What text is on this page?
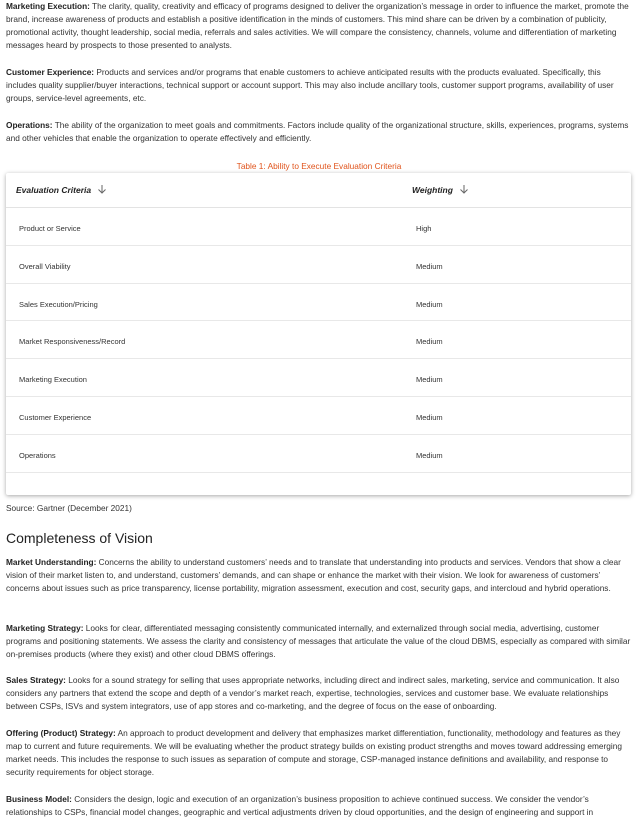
Marketing Execution: The clarity, quality, creativity and efficacy of programs designed to deliver the organization’s message in order to influence the market, promote the brand, increase awareness of products and establish a positive identification in the minds of customers. This mind share can be driven by a combination of publicity, promotional activity, thought leadership, social media, referrals and sales activities. We will compare the consistency, channels, volume and differentiation of marketing messages heard by prospects to those presented to analysts.

Customer Experience: Products and services and/or programs that enable customers to achieve anticipated results with the products evaluated. Specifically, this includes quality supplier/buyer interactions, technical support or account support. This may also include ancillary tools, customer support programs, availability of user groups, service-level agreements, etc.

Operations: The ability of the organization to meet goals and commitments. Factors include quality of the organizational structure, skills, experiences, programs, systems and other vehicles that enable the organization to operate effectively and efficiently.

Table 1: Ability to Execute Evaluation Criteria
Evaluation Criteria	Weighting
Product or Service	High
Overall Viability	Medium
Sales Execution/Pricing	Medium
Market Responsiveness/Record	Medium
Marketing Execution	Medium
Customer Experience	Medium
Operations	Medium
Source: Gartner (December 2021)
Completeness of Vision

Market Understanding: Concerns the ability to understand customers’ needs and to translate that understanding into products and services. Vendors that show a clear vision of their market listen to, and understand, customers’ demands, and can shape or enhance the market with their vision. We look for awareness of customers’ concerns about issues such as price transparency, license portability, migration assessment, execution and cost, security gaps, and intercloud and hybrid operations.

Marketing Strategy: Looks for clear, differentiated messaging consistently communicated internally, and externalized through social media, advertising, customer programs and positioning statements. We assess the clarity and consistency of messages that articulate the value of the cloud DBMS, especially as compared with similar on-premises products (where they exist) and other cloud DBMS offerings.

Sales Strategy: Looks for a sound strategy for selling that uses appropriate networks, including direct and indirect sales, marketing, service and communication. It also considers any partners that extend the scope and depth of a vendor’s market reach, expertise, technologies, services and customer base. We evaluate relationships between CSPs, ISVs and system integrators, use of app stores and co-marketing, and the degree of focus on the ease of onboarding.

Offering (Product) Strategy: An approach to product development and delivery that emphasizes market differentiation, functionality, methodology and features as they map to current and future requirements. We will be evaluating whether the product strategy builds on existing product strengths and moves toward addressing emerging market needs. This includes the response to such issues as separation of compute and storage, CSP-managed instance definitions and availability, and response to security requirements for object storage.

Business Model: Considers the design, logic and execution of an organization’s business proposition to achieve continued success. We consider the vendor’s relationships to CSPs, financial model changes, geographic and vertical adjustments driven by cloud opportunities, and the design of engineering and support in
